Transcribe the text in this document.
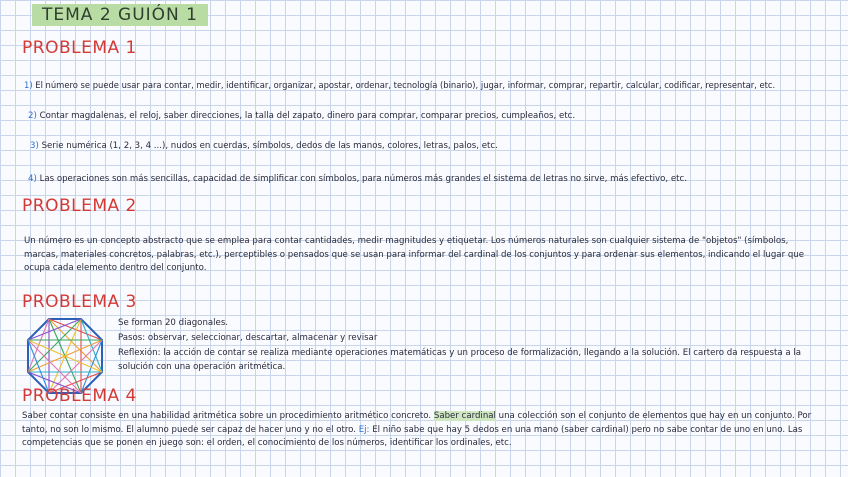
TEMA 2 GUIÓN 1
PROBLEMA 1
1) El número se puede usar para contar, medir, identificar, organizar, apostar, ordenar, tecnología (binario), jugar, informar, comprar, repartir, calcular, codificar, representar, etc.
2) Contar magdalenas, el reloj, saber direcciones, la talla del zapato, dinero para comprar, comparar precios, cumpleaños, etc.
3) Serie numérica (1, 2, 3, 4 ...), nudos en cuerdas, símbolos, dedos de las manos, colores, letras, palos, etc.
4) Las operaciones son más sencillas, capacidad de simplificar con símbolos, para números más grandes el sistema de letras no sirve, más efectivo, etc.
PROBLEMA 2
Un número es un concepto abstracto que se emplea para contar cantidades, medir magnitudes y etiquetar. Los números naturales son cualquier sistema de "objetos" (símbolos, marcas, materiales concretos, palabras, etc.), perceptibles o pensados que se usan para informar del cardinal de los conjuntos y para ordenar sus elementos, indicando el lugar que ocupa cada elemento dentro del conjunto.
PROBLEMA 3
Se forman 20 diagonales.
Pasos: observar, seleccionar, descartar, almacenar y revisar
Reflexión: la acción de contar se realiza mediante operaciones matemáticas y un proceso de formalización, llegando a la solución. El cartero da respuesta a la solución con una operación aritmética.
PROBLEMA 4
Saber contar consiste en una habilidad aritmética sobre un procedimiento aritmético concreto. Saber cardinal una colección son el conjunto de elementos que hay en un conjunto. Por tanto, no son lo mismo. El alumno puede ser capaz de hacer uno y no el otro. Ej: El niño sabe que hay 5 dedos en una mano (saber cardinal) pero no sabe contar de uno en uno. Las competencias que se ponen en juego son: el orden, el conocimiento de los números, identificar los ordinales, etc.
